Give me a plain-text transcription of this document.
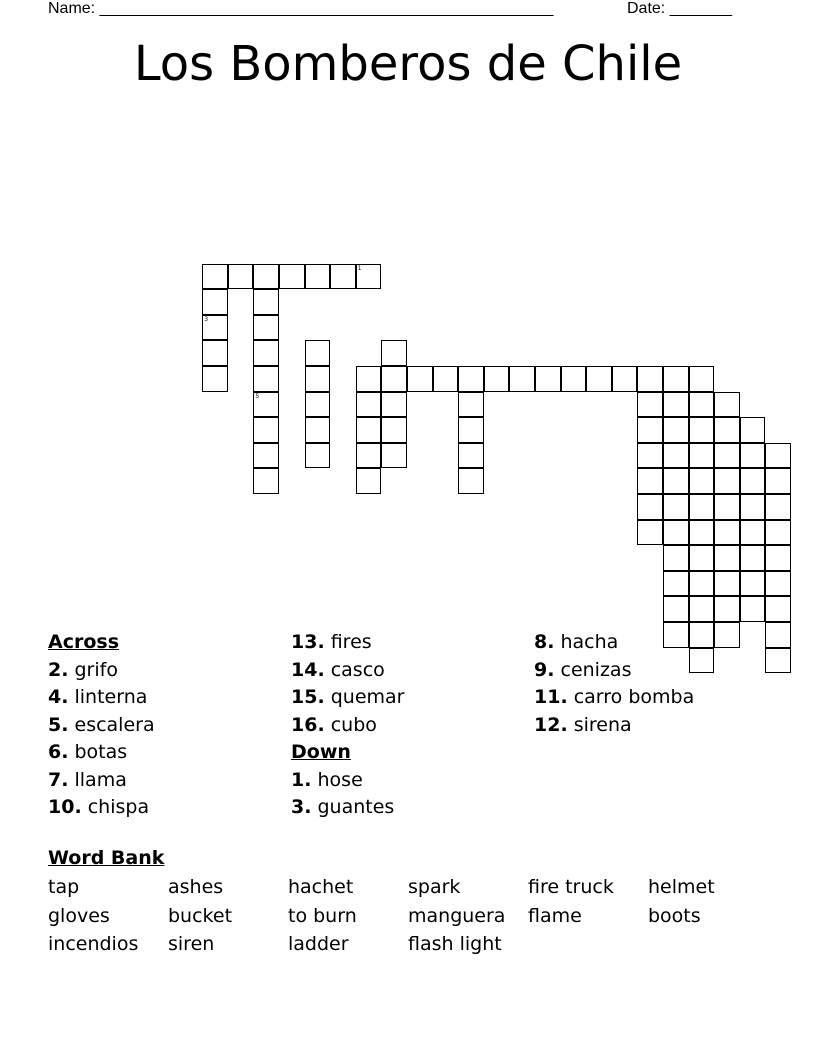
Name: ___________________________________________________	Date: _______
Los Bomberos de Chile
3
5
1
Across
2. grifo
4. linterna
5. escalera
6. botas
7. llama
10. chispa
13. fires
14. casco
15. quemar
16. cubo
Down
1. hose
3. guantes
8. hacha
9. cenizas
11. carro bomba
12. sirena
Word Bank
tap
gloves
incendios
ashes
bucket
siren
hachet
to burn
ladder
spark
manguera
flash light
fire truck
flame
helmet
boots
